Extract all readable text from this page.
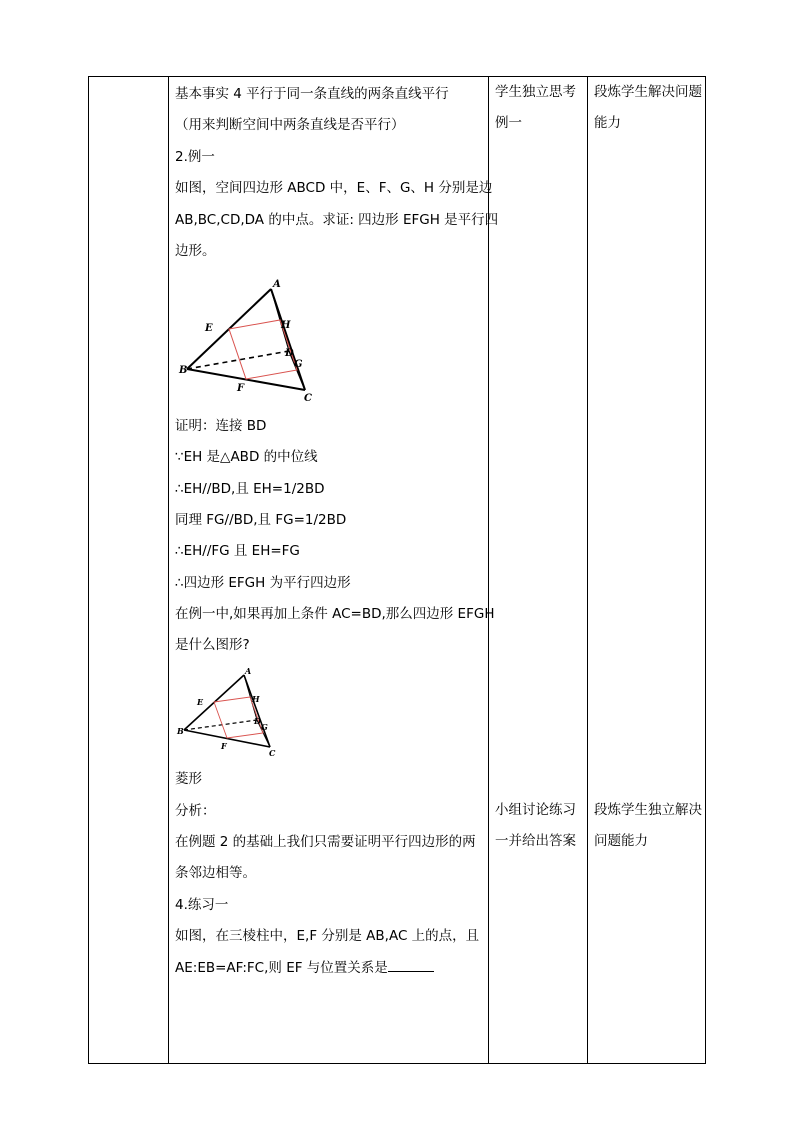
基本事实 4 平行于同一条直线的两条直线平行
（用来判断空间中两条直线是否平行）
2.例一
如图，空间四边形 ABCD 中，E、F、G、H 分别是边
AB,BC,CD,DA 的中点。求证: 四边形 EFGH 是平行四
边形。
A
B
C
D
E
F
G
H
证明：连接 BD
∵EH 是△ABD 的中位线
∴EH//BD,且 EH=1/2BD
同理 FG//BD,且 FG=1/2BD
∴EH//FG 且 EH=FG
∴四边形 EFGH 为平行四边形
在例一中,如果再加上条件 AC=BD,那么四边形 EFGH
是什么图形?
A
B
C
D
E
F
G
H
菱形
分析：
在例题 2 的基础上我们只需要证明平行四边形的两
条邻边相等。
4.练习一
如图，在三棱柱中，E,F 分别是 AB,AC 上的点，且
AE:EB=AF:FC,则 EF 与位置关系是
学生独立思考例一
小组讨论练习一并给出答案
段炼学生解决问题能力
段炼学生独立解决问题能力
